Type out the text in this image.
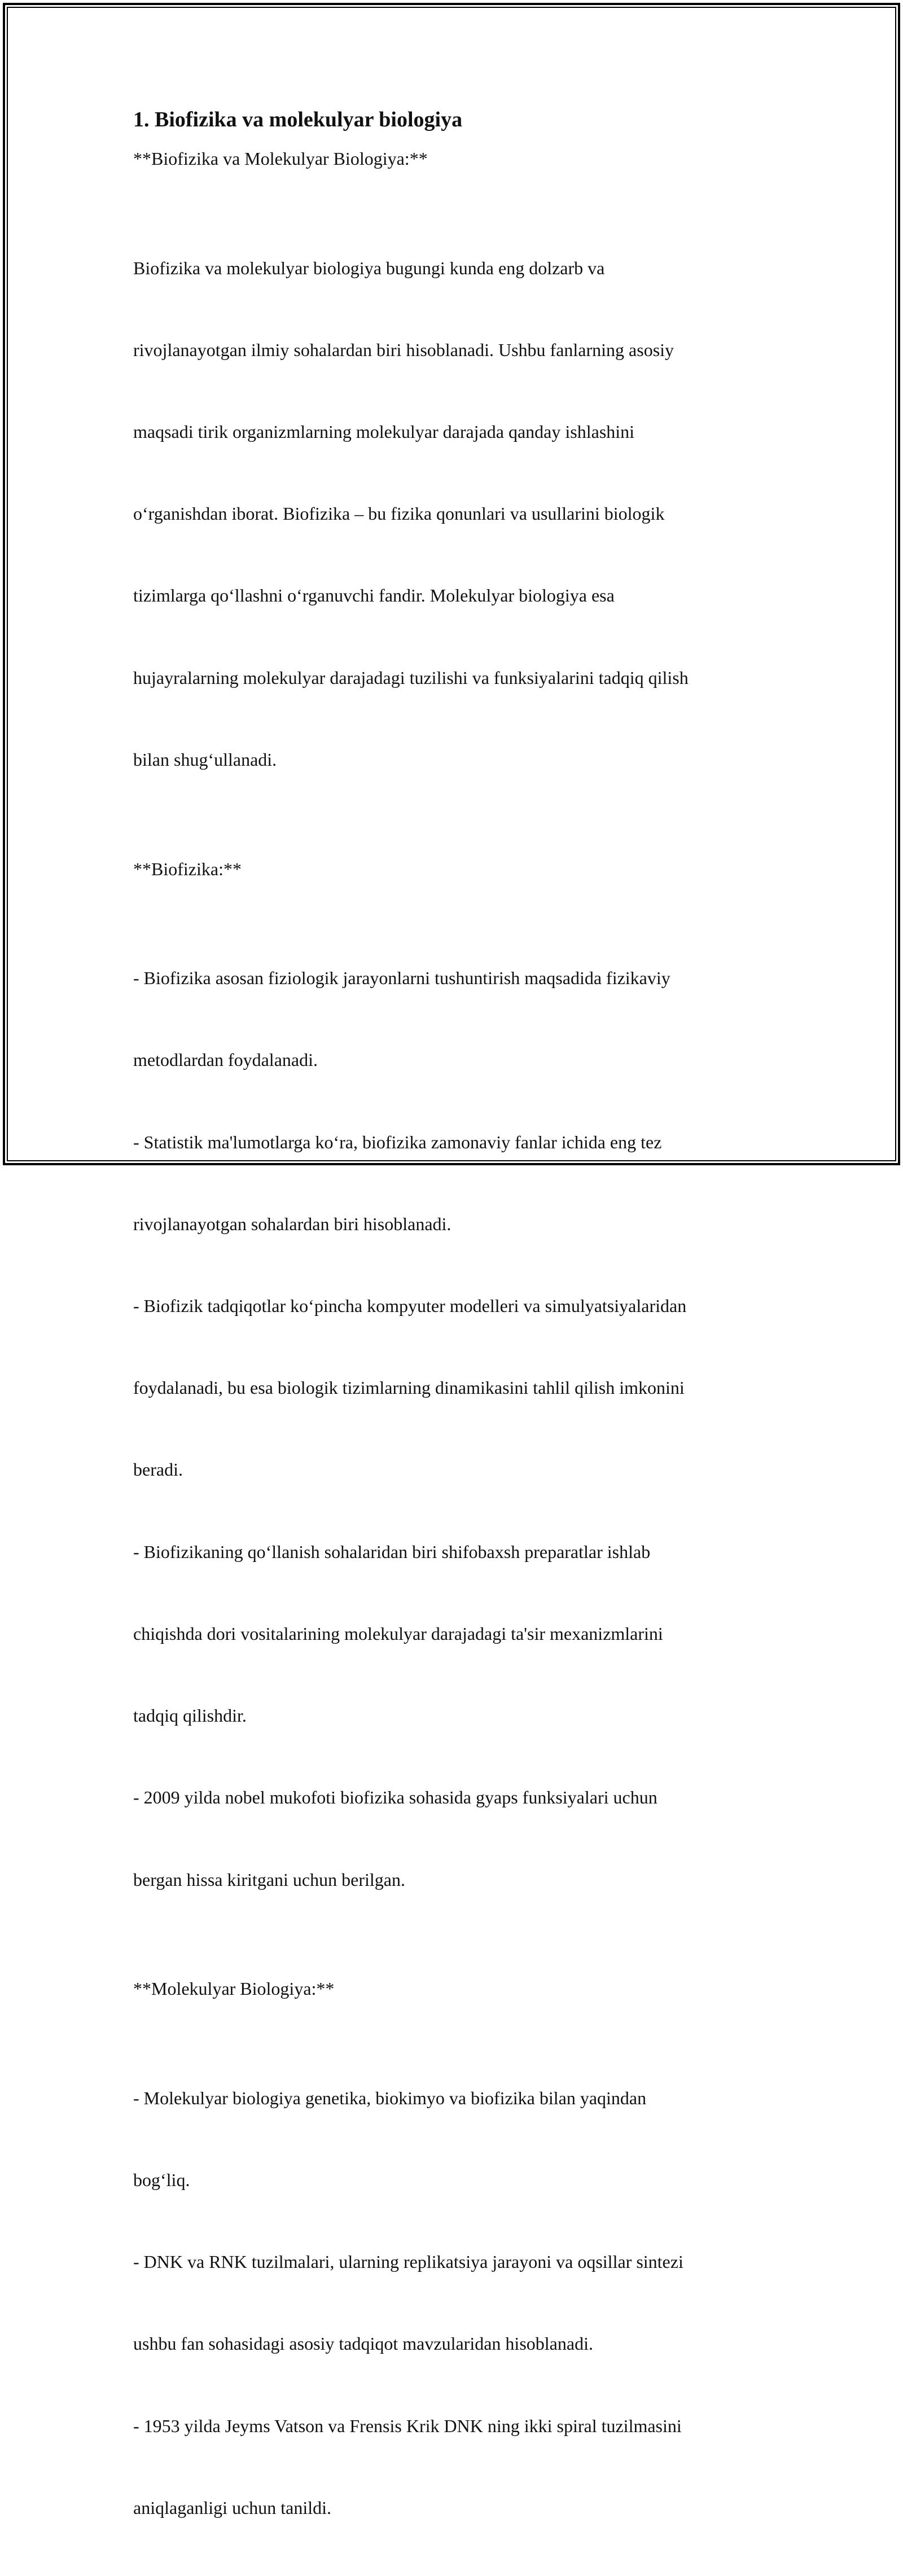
1. Biofizika va molekulyar biologiya

**Biofizika va Molekulyar Biologiya:**

Biofizika va molekulyar biologiya bugungi kunda eng dolzarb va

rivojlanayotgan ilmiy sohalardan biri hisoblanadi. Ushbu fanlarning asosiy

maqsadi tirik organizmlarning molekulyar darajada qanday ishlashini

o‘rganishdan iborat. Biofizika – bu fizika qonunlari va usullarini biologik

tizimlarga qo‘llashni o‘rganuvchi fandir. Molekulyar biologiya esa

hujayralarning molekulyar darajadagi tuzilishi va funksiyalarini tadqiq qilish

bilan shug‘ullanadi.

**Biofizika:**

- Biofizika asosan fiziologik jarayonlarni tushuntirish maqsadida fizikaviy

metodlardan foydalanadi.

- Statistik ma'lumotlarga ko‘ra, biofizika zamonaviy fanlar ichida eng tez

rivojlanayotgan sohalardan biri hisoblanadi.

- Biofizik tadqiqotlar ko‘pincha kompyuter modelleri va simulyatsiyalaridan

foydalanadi, bu esa biologik tizimlarning dinamikasini tahlil qilish imkonini

beradi.

- Biofizikaning qo‘llanish sohalaridan biri shifobaxsh preparatlar ishlab

chiqishda dori vositalarining molekulyar darajadagi ta'sir mexanizmlarini

tadqiq qilishdir.

- 2009 yilda nobel mukofoti biofizika sohasida gyaps funksiyalari uchun

bergan hissa kiritgani uchun berilgan.

**Molekulyar Biologiya:**

- Molekulyar biologiya genetika, biokimyo va biofizika bilan yaqindan

bog‘liq.

- DNK va RNK tuzilmalari, ularning replikatsiya jarayoni va oqsillar sintezi

ushbu fan sohasidagi asosiy tadqiqot mavzularidan hisoblanadi.

- 1953 yilda Jeyms Vatson va Frensis Krik DNK ning ikki spiral tuzilmasini

aniqlaganligi uchun tanildi.
